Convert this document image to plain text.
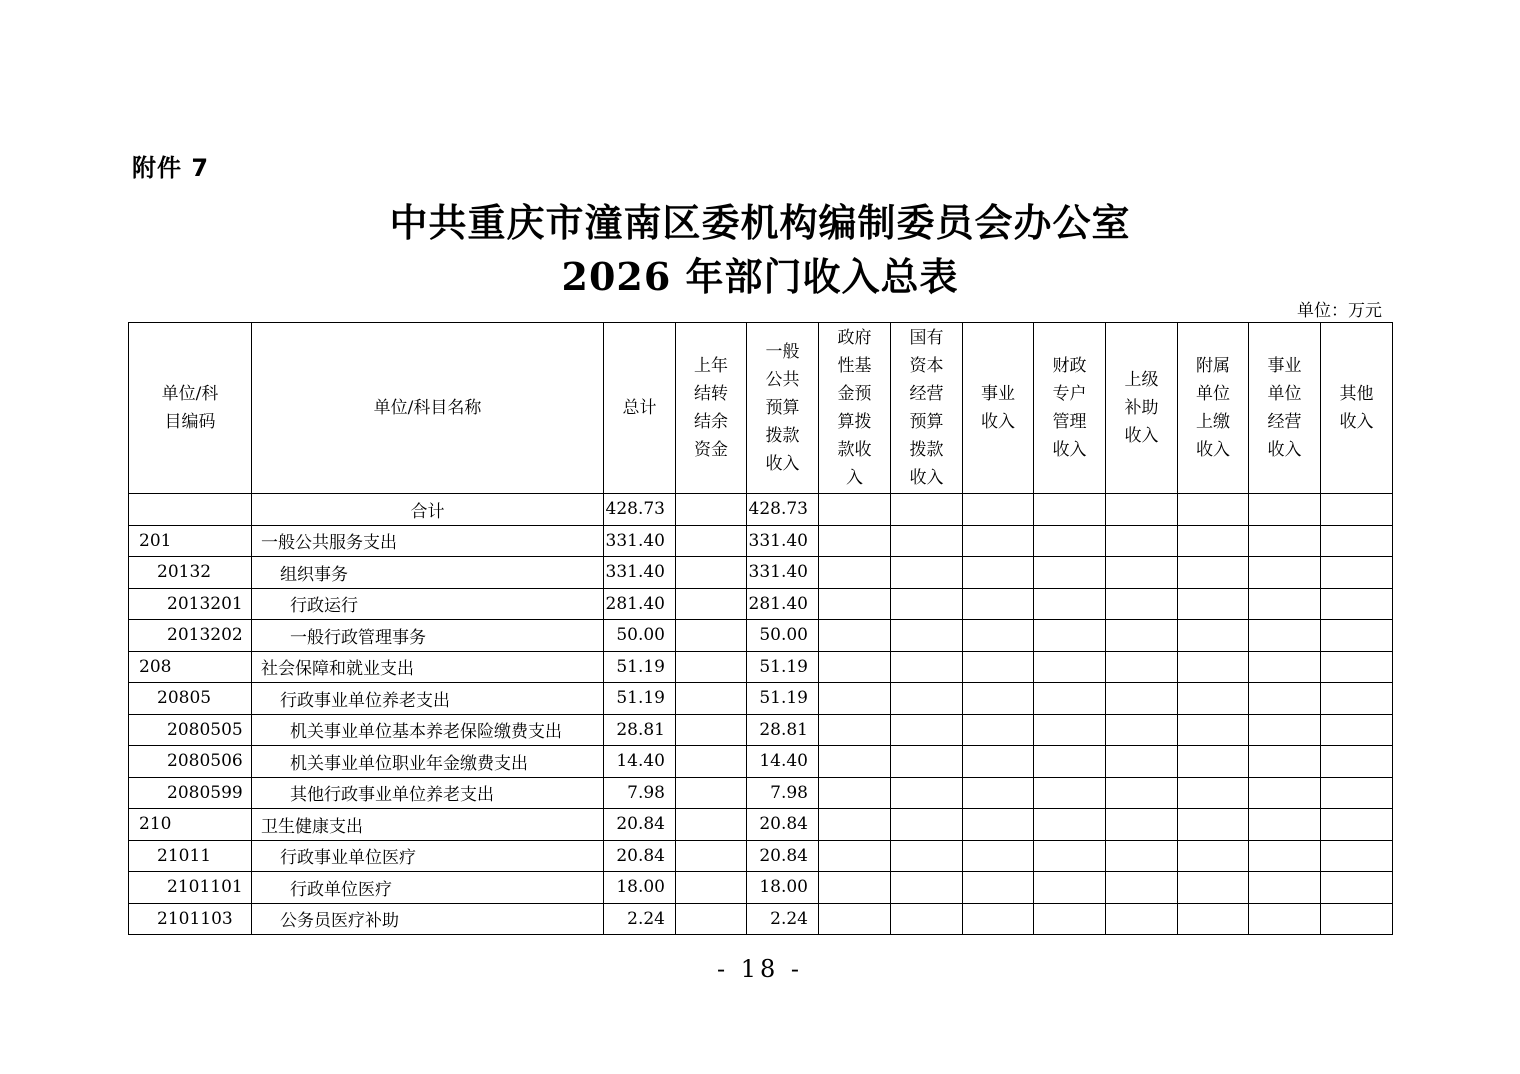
附件 7
中共重庆市潼南区委机构编制委员会办公室
2026 年部门收入总表
单位：万元
单位/科目编码	单位/科目名称	总计	上年结转结余资金	一般公共预算拨款收入	政府性基金预算拨款收入	国有资本经营预算拨款收入	事业收入	财政专户管理收入	上级补助收入	附属单位上缴收入	事业单位经营收入	其他收入
	合计	428.73		428.73								
201	一般公共服务支出	331.40		331.40								
20132	组织事务	331.40		331.40								
2013201	行政运行	281.40		281.40								
2013202	一般行政管理事务	50.00		50.00								
208	社会保障和就业支出	51.19		51.19								
20805	行政事业单位养老支出	51.19		51.19								
2080505	机关事业单位基本养老保险缴费支出	28.81		28.81								
2080506	机关事业单位职业年金缴费支出	14.40		14.40								
2080599	其他行政事业单位养老支出	7.98		7.98								
210	卫生健康支出	20.84		20.84								
21011	行政事业单位医疗	20.84		20.84								
2101101	行政单位医疗	18.00		18.00								
2101103	公务员医疗补助	2.24		2.24								
- 18 -
